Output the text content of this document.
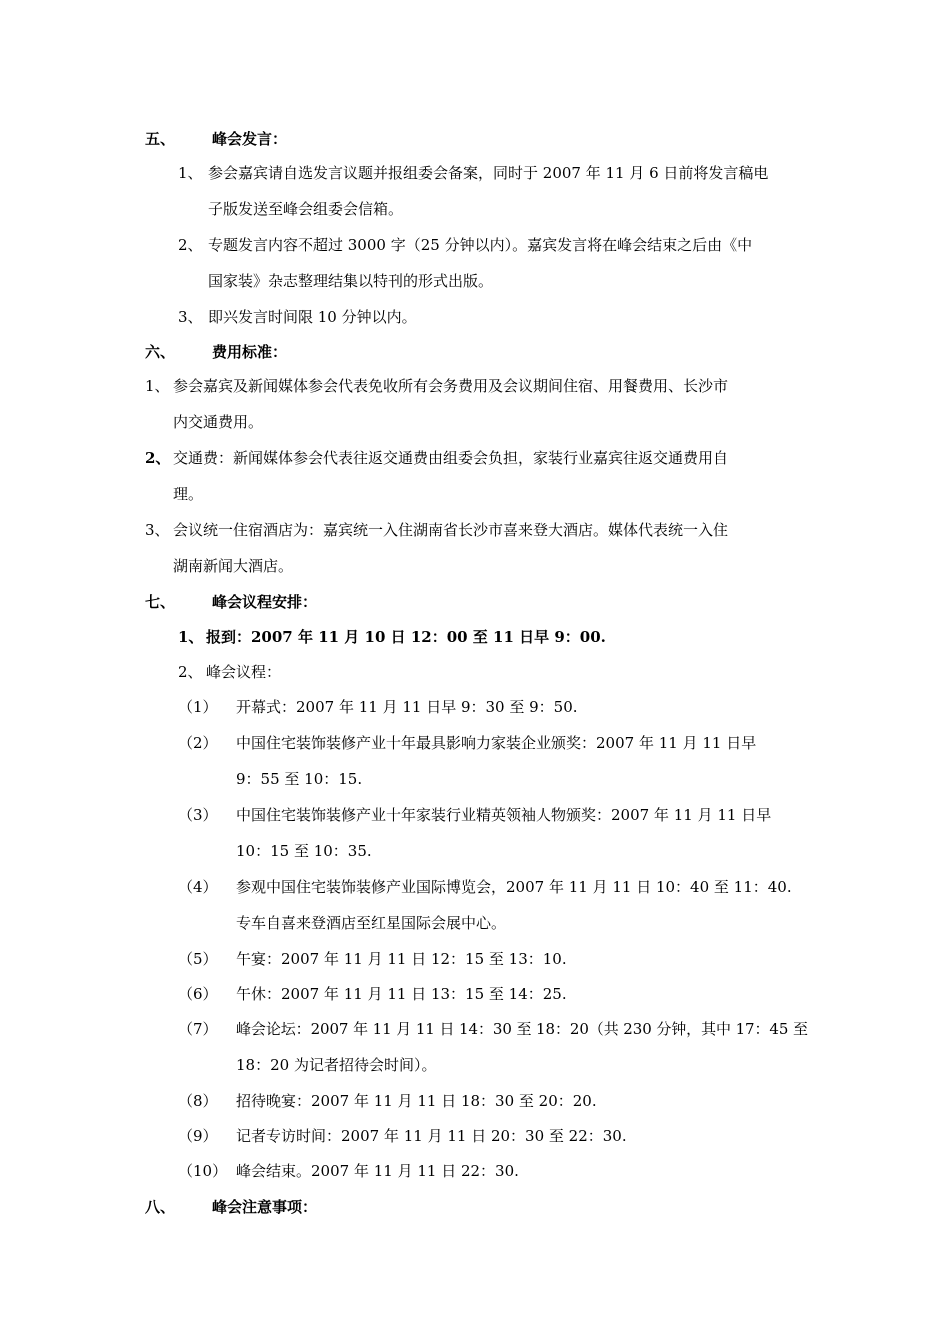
五、 峰会发言：
1、 参会嘉宾请自选发言议题并报组委会备案，同时于 2007 年 11 月 6 日前将发言稿电
子版发送至峰会组委会信箱。
2、 专题发言内容不超过 3000 字（25 分钟以内）。嘉宾发言将在峰会结束之后由《中
国家装》杂志整理结集以特刊的形式出版。
3、 即兴发言时间限 10 分钟以内。
六、 费用标准：
1、 参会嘉宾及新闻媒体参会代表免收所有会务费用及会议期间住宿、用餐费用、长沙市
内交通费用。
2、 交通费：新闻媒体参会代表往返交通费由组委会负担，家装行业嘉宾往返交通费用自
理。
3、 会议统一住宿酒店为：嘉宾统一入住湖南省长沙市喜来登大酒店。媒体代表统一入住
湖南新闻大酒店。
七、 峰会议程安排：
1、 报到：2007 年 11 月 10 日 12：00 至 11 日早 9：00.
2、 峰会议程：
（1） 开幕式：2007 年 11 月 11 日早 9：30 至 9：50.
（2） 中国住宅装饰装修产业十年最具影响力家装企业颁奖：2007 年 11 月 11 日早
9：55 至 10：15.
（3） 中国住宅装饰装修产业十年家装行业精英领袖人物颁奖：2007 年 11 月 11 日早
10：15 至 10：35.
（4） 参观中国住宅装饰装修产业国际博览会，2007 年 11 月 11 日 10：40 至 11：40.
专车自喜来登酒店至红星国际会展中心。
（5） 午宴：2007 年 11 月 11 日 12：15 至 13：10.
（6） 午休：2007 年 11 月 11 日 13：15 至 14：25.
（7） 峰会论坛：2007 年 11 月 11 日 14：30 至 18：20（共 230 分钟，其中 17：45 至
18：20 为记者招待会时间）。
（8） 招待晚宴：2007 年 11 月 11 日 18：30 至 20：20.
（9） 记者专访时间：2007 年 11 月 11 日 20：30 至 22：30.
（10） 峰会结束。2007 年 11 月 11 日 22：30.
八、 峰会注意事项：
